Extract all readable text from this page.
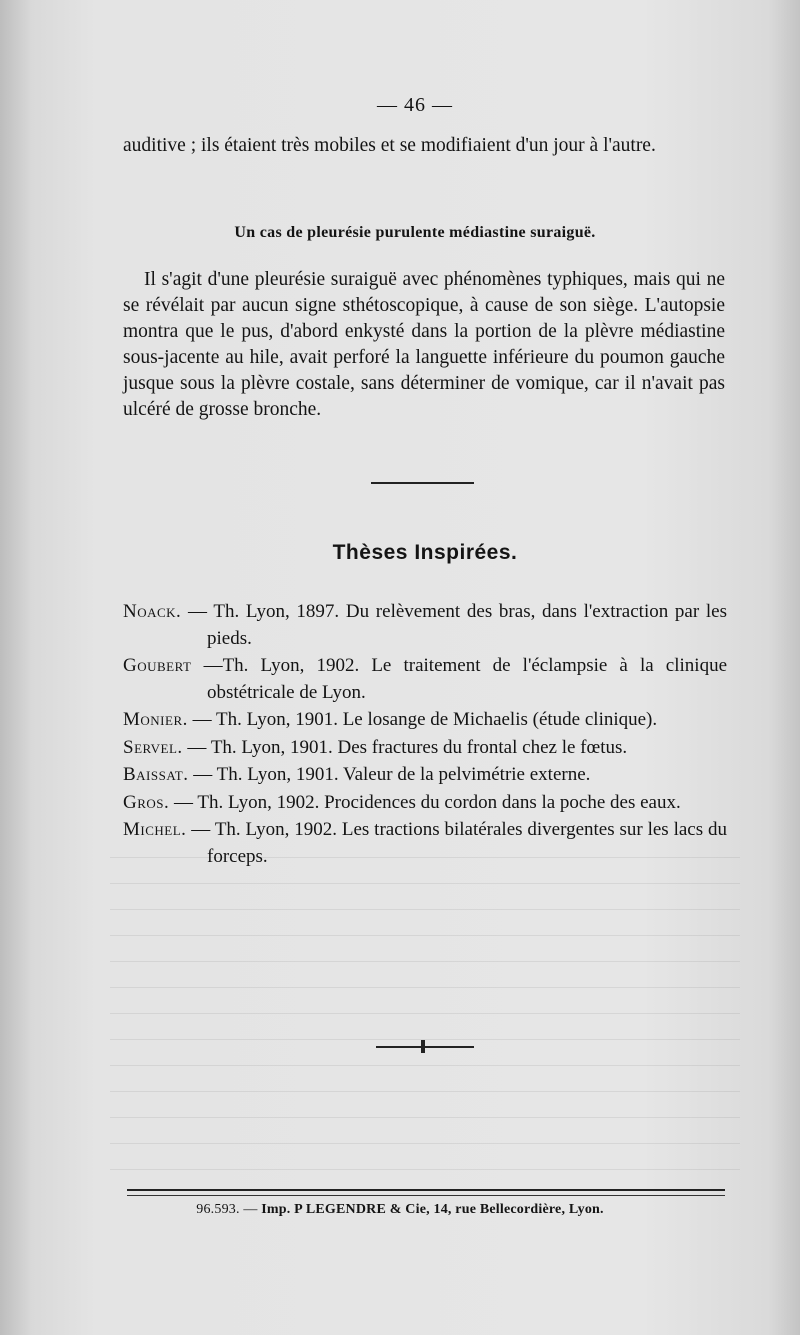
— 46 —
auditive ; ils étaient très mobiles et se modifiaient d'un jour à l'autre.
Un cas de pleurésie purulente médiastine suraiguë.
Il s'agit d'une pleurésie suraiguë avec phénomènes typhiques, mais qui ne se révélait par aucun signe sthétoscopique, à cause de son siège. L'autopsie montra que le pus, d'abord enkysté dans la portion de la plèvre médiastine sous-jacente au hile, avait perforé la languette inférieure du poumon gauche jusque sous la plèvre costale, sans déterminer de vomique, car il n'avait pas ulcéré de grosse bronche.
Thèses Inspirées.
Noack. — Th. Lyon, 1897. Du relèvement des bras, dans l'extraction par les pieds.
Goubert —Th. Lyon, 1902. Le traitement de l'éclampsie à la clinique obstétricale de Lyon.
Monier. — Th. Lyon, 1901. Le losange de Michaelis (étude clinique).
Servel. — Th. Lyon, 1901. Des fractures du frontal chez le fœtus.
Baissat. — Th. Lyon, 1901. Valeur de la pelvimétrie externe.
Gros. — Th. Lyon, 1902. Procidences du cordon dans la poche des eaux.
Michel. — Th. Lyon, 1902. Les tractions bilatérales divergentes sur les lacs du forceps.
96.593. — Imp. P LEGENDRE & Cie, 14, rue Bellecordière, Lyon.
